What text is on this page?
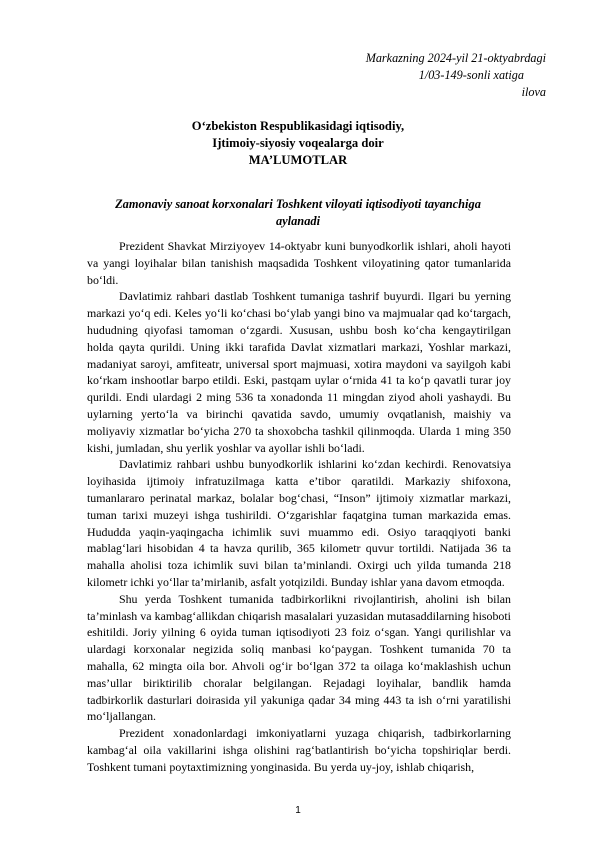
Markazning 2024-yil 21-oktyabrdagi
1/03-149-sonli xatiga
ilova
O‘zbekiston Respublikasidagi iqtisodiy,
Ijtimoiy-siyosiy voqealarga doir
MA’LUMOTLAR
Zamonaviy sanoat korxonalari Toshkent viloyati iqtisodiyoti tayanchiga aylanadi

Prezident Shavkat Mirziyoyev 14-oktyabr kuni bunyodkorlik ishlari, aholi hayoti va yangi loyihalar bilan tanishish maqsadida Toshkent viloyatining qator tumanlarida bo‘ldi.

Davlatimiz rahbari dastlab Toshkent tumaniga tashrif buyurdi. Ilgari bu yerning markazi yo‘q edi. Keles yo‘li ko‘chasi bo‘ylab yangi bino va majmualar qad ko‘targach, hududning qiyofasi tamoman o‘zgardi. Xususan, ushbu bosh ko‘cha kengaytirilgan holda qayta qurildi. Uning ikki tarafida Davlat xizmatlari markazi, Yoshlar markazi, madaniyat saroyi, amfiteatr, universal sport majmuasi, xotira maydoni va sayilgoh kabi ko‘rkam inshootlar barpo etildi. Eski, pastqam uylar o‘rnida 41 ta ko‘p qavatli turar joy qurildi. Endi ulardagi 2 ming 536 ta xonadonda 11 mingdan ziyod aholi yashaydi. Bu uylarning yerto‘la va birinchi qavatida savdo, umumiy ovqatlanish, maishiy va moliyaviy xizmatlar bo‘yicha 270 ta shoxobcha tashkil qilinmoqda. Ularda 1 ming 350 kishi, jumladan, shu yerlik yoshlar va ayollar ishli bo‘ladi.

Davlatimiz rahbari ushbu bunyodkorlik ishlarini ko‘zdan kechirdi. Renovatsiya loyihasida ijtimoiy infratuzilmaga katta e’tibor qaratildi. Markaziy shifoxona, tumanlararo perinatal markaz, bolalar bog‘chasi, “Inson” ijtimoiy xizmatlar markazi, tuman tarixi muzeyi ishga tushirildi. O‘zgarishlar faqatgina tuman markazida emas. Hududda yaqin-yaqingacha ichimlik suvi muammo edi. Osiyo taraqqiyoti banki mablag‘lari hisobidan 4 ta havza qurilib, 365 kilometr quvur tortildi. Natijada 36 ta mahalla aholisi toza ichimlik suvi bilan ta’minlandi. Oxirgi uch yilda tumanda 218 kilometr ichki yo‘llar ta’mirlanib, asfalt yotqizildi. Bunday ishlar yana davom etmoqda.

Shu yerda Toshkent tumanida tadbirkorlikni rivojlantirish, aholini ish bilan ta’minlash va kambag‘allikdan chiqarish masalalari yuzasidan mutasaddilarning hisoboti eshitildi. Joriy yilning 6 oyida tuman iqtisodiyoti 23 foiz o‘sgan. Yangi qurilishlar va ulardagi korxonalar negizida soliq manbasi ko‘paygan. Toshkent tumanida 70 ta mahalla, 62 mingta oila bor. Ahvoli og‘ir bo‘lgan 372 ta oilaga ko‘maklashish uchun mas’ullar biriktirilib choralar belgilangan. Rejadagi loyihalar, bandlik hamda tadbirkorlik dasturlari doirasida yil yakuniga qadar 34 ming 443 ta ish o‘rni yaratilishi mo‘ljallangan.

Prezident xonadonlardagi imkoniyatlarni yuzaga chiqarish, tadbirkorlarning kambag‘al oila vakillarini ishga olishini rag‘batlantirish bo‘yicha topshiriqlar berdi. Toshkent tumani poytaxtimizning yonginasida. Bu yerda uy-joy, ishlab chiqarish,

1
